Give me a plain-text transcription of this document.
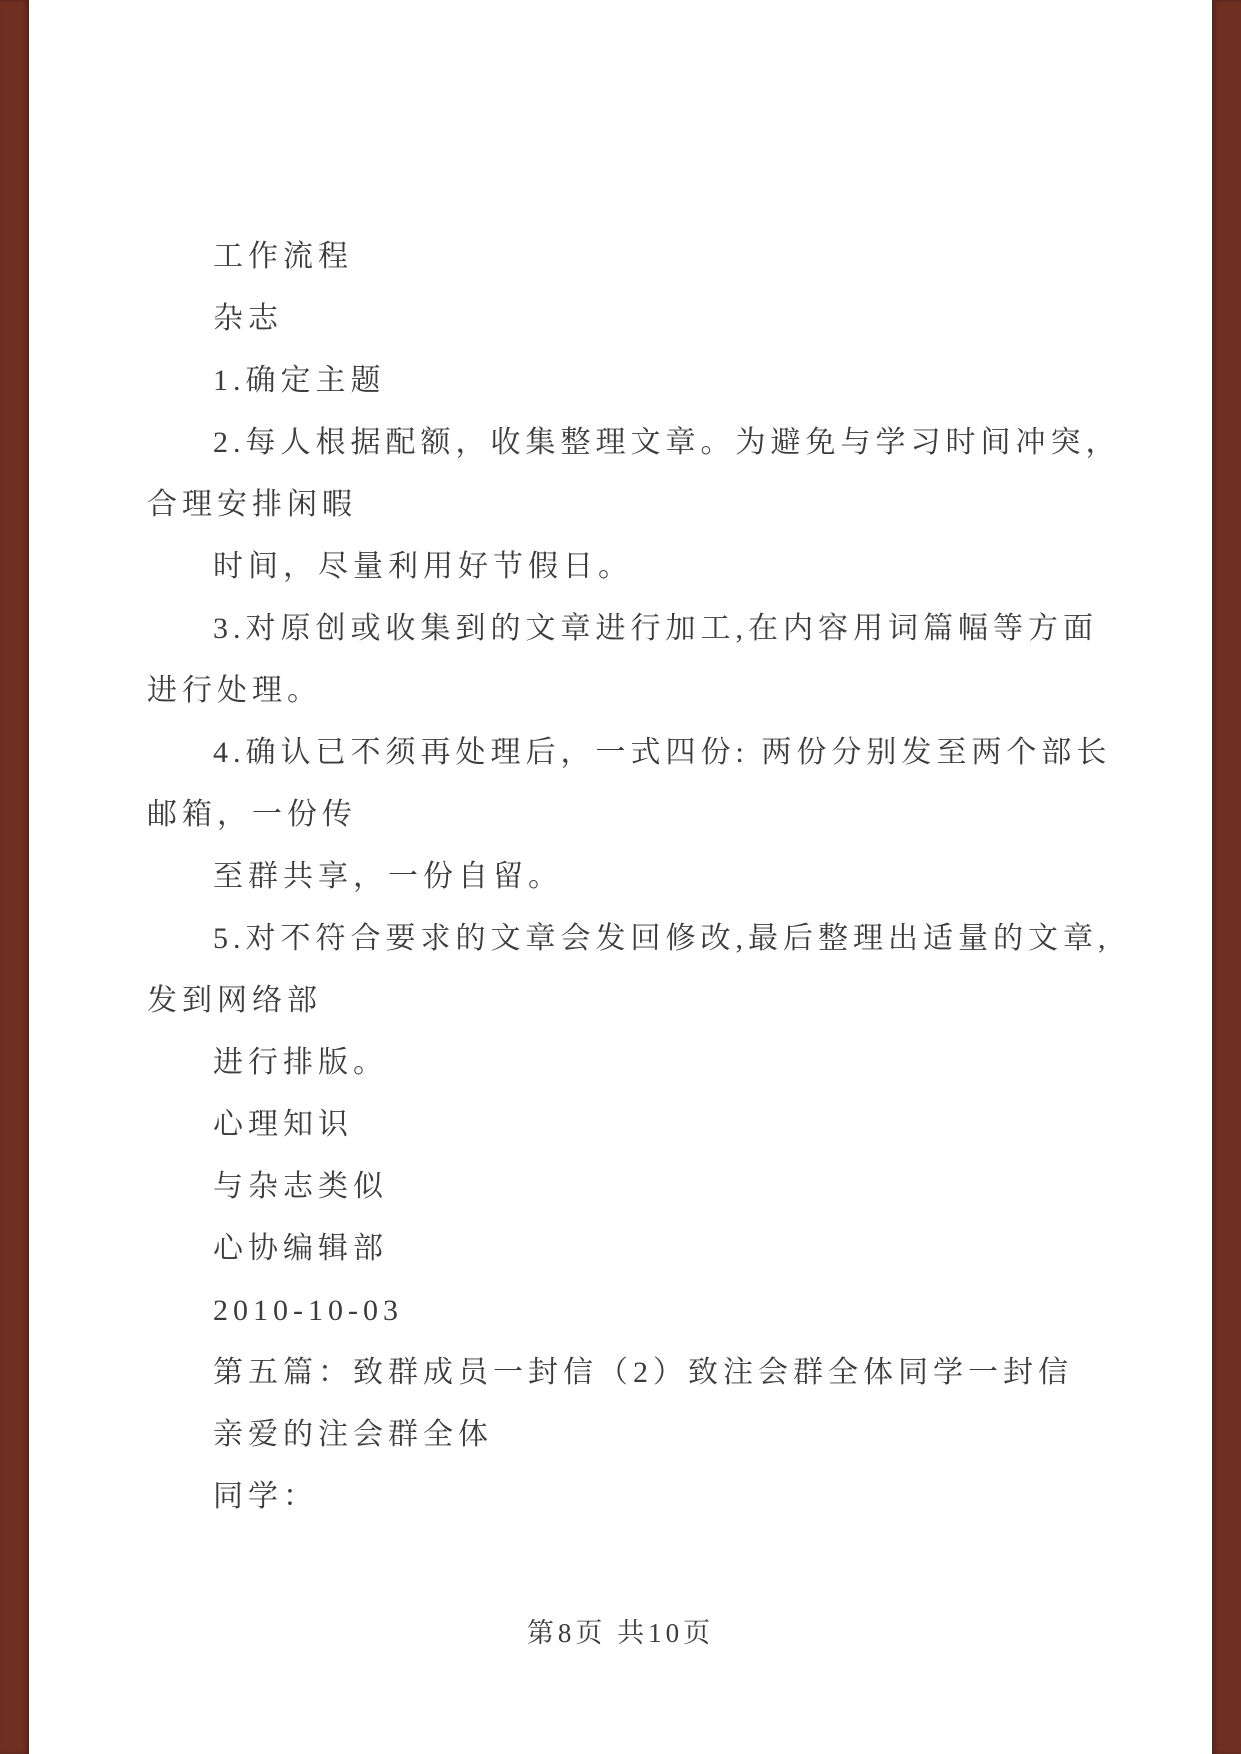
工作流程
杂志
1.确定主题
2.每人根据配额，收集整理文章。为避免与学习时间冲突，
合理安排闲暇
时间，尽量利用好节假日。
3.对原创或收集到的文章进行加工,在内容用词篇幅等方面
进行处理。
4.确认已不须再处理后，一式四份: 两份分别发至两个部长
邮箱，一份传
至群共享，一份自留。
5.对不符合要求的文章会发回修改,最后整理出适量的文章,
发到网络部
进行排版。
心理知识
与杂志类似
心协编辑部
2010-10-03
第五篇：致群成员一封信（2）致注会群全体同学一封信
亲爱的注会群全体
同学：
第8页 共10页
